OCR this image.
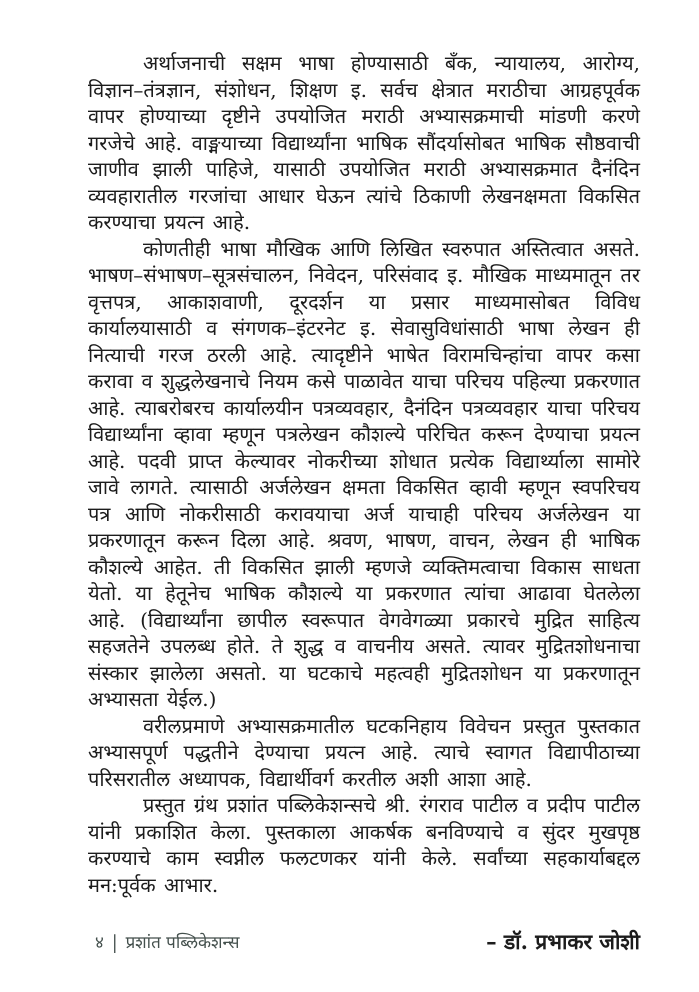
अर्थाजनाची सक्षम भाषा होण्यासाठी बँक, न्यायालय, आरोग्य, विज्ञान–तंत्रज्ञान, संशोधन, शिक्षण इ. सर्वच क्षेत्रात मराठीचा आग्रहपूर्वक वापर होण्याच्या दृष्टीने उपयोजित मराठी अभ्यासक्रमाची मांडणी करणे गरजेचे आहे. वाङ्मयाच्या विद्यार्थ्यांना भाषिक सौंदर्यासोबत भाषिक सौष्ठवाची जाणीव झाली पाहिजे, यासाठी उपयोजित मराठी अभ्यासक्रमात दैनंदिन व्यवहारातील गरजांचा आधार घेऊन त्यांचे ठिकाणी लेखनक्षमता विकसित करण्याचा प्रयत्न आहे.

कोणतीही भाषा मौखिक आणि लिखित स्वरुपात अस्तित्वात असते. भाषण–संभाषण–सूत्रसंचालन, निवेदन, परिसंवाद इ. मौखिक माध्यमातून तर वृत्तपत्र, आकाशवाणी, दूरदर्शन या प्रसार माध्यमासोबत विविध कार्यालयासाठी व संगणक–इंटरनेट इ. सेवासुविधांसाठी भाषा लेखन ही नित्याची गरज ठरली आहे. त्यादृष्टीने भाषेत विरामचिन्हांचा वापर कसा करावा व शुद्धलेखनाचे नियम कसे पाळावेत याचा परिचय पहिल्या प्रकरणात आहे. त्याबरोबरच कार्यालयीन पत्रव्यवहार, दैनंदिन पत्रव्यवहार याचा परिचय विद्यार्थ्यांना व्हावा म्हणून पत्रलेखन कौशल्ये परिचित करून देण्याचा प्रयत्न आहे. पदवी प्राप्त केल्यावर नोकरीच्या शोधात प्रत्येक विद्यार्थ्याला सामोरे जावे लागते. त्यासाठी अर्जलेखन क्षमता विकसित व्हावी म्हणून स्वपरिचय पत्र आणि नोकरीसाठी करावयाचा अर्ज याचाही परिचय अर्जलेखन या प्रकरणातून करून दिला आहे. श्रवण, भाषण, वाचन, लेखन ही भाषिक कौशल्ये आहेत. ती विकसित झाली म्हणजे व्यक्तिमत्वाचा विकास साधता येतो. या हेतूनेच भाषिक कौशल्ये या प्रकरणात त्यांचा आढावा घेतलेला आहे. (विद्यार्थ्यांना छापील स्वरूपात वेगवेगळ्या प्रकारचे मुद्रित साहित्य सहजतेने उपलब्ध होते. ते शुद्ध व वाचनीय असते. त्यावर मुद्रितशोधनाचा संस्कार झालेला असतो. या घटकाचे महत्वही मुद्रितशोधन या प्रकरणातून अभ्यासता येईल.)

वरीलप्रमाणे अभ्यासक्रमातील घटकनिहाय विवेचन प्रस्तुत पुस्तकात अभ्यासपूर्ण पद्धतीने देण्याचा प्रयत्न आहे. त्याचे स्वागत विद्यापीठाच्या परिसरातील अध्यापक, विद्यार्थीवर्ग करतील अशी आशा आहे.

प्रस्तुत ग्रंथ प्रशांत पब्लिकेशन्सचे श्री. रंगराव पाटील व प्रदीप पाटील यांनी प्रकाशित केला. पुस्तकाला आकर्षक बनविण्याचे व सुंदर मुखपृष्ठ करण्याचे काम स्वप्नील फलटणकर यांनी केले. सर्वांच्या सहकार्याबद्दल मन:पूर्वक आभार.

– डॉ. प्रभाकर जोशी
४ | प्रशांत पब्लिकेशन्स
